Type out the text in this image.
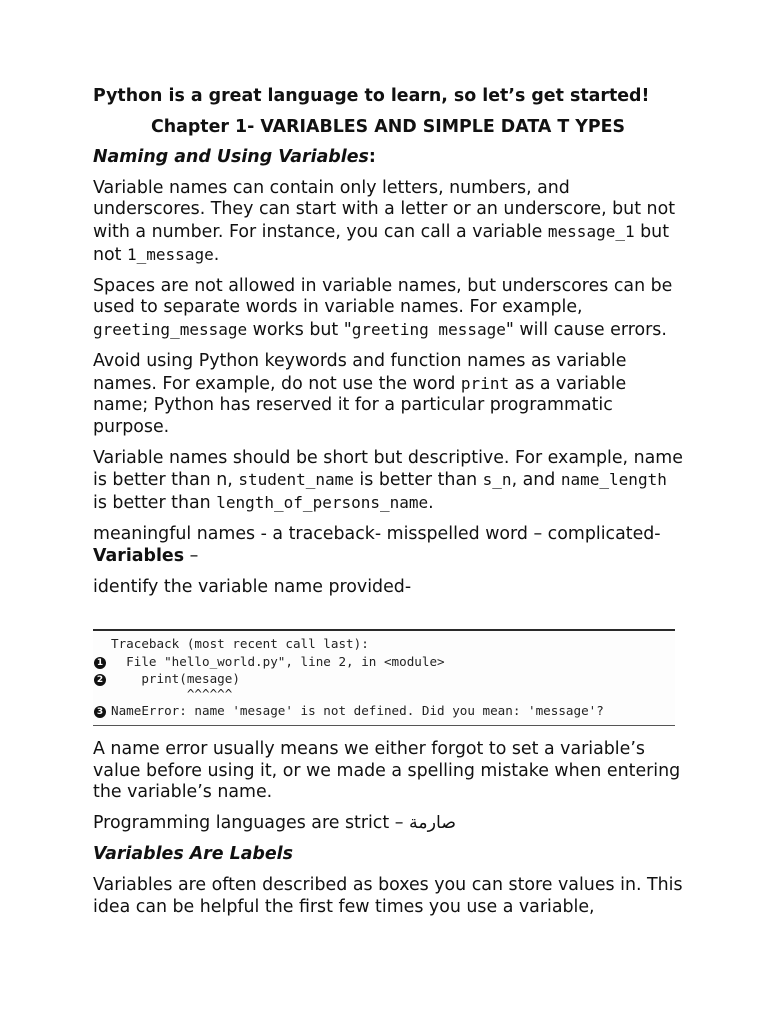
Python is a great language to learn, so let’s get started!

Chapter 1- VARIABLES AND SIMPLE DATA T YPES

Naming and Using Variables:

Variable names can contain only letters, numbers, and underscores. They can start with a letter or an underscore, but not with a number. For instance, you can call a variable message_1 but not 1_message.

Spaces are not allowed in variable names, but underscores can be used to separate words in variable names. For example, greeting_message works but "greeting message" will cause errors.

Avoid using Python keywords and function names as variable names. For example, do not use the word print as a variable name; Python has reserved it for a particular programmatic purpose.

Variable names should be short but descriptive. For example, name is better than n, student_name is better than s_n, and name_length is better than length_of_persons_name.

meaningful names - a traceback- misspelled word – complicated- Variables –

identify the variable name provided-

Traceback (most recent call last):
1 File "hello_world.py", line 2, in <module>
2 print(mesage)
^^^^^^
3 NameError: name 'mesage' is not defined. Did you mean: 'message'?

A name error usually means we either forgot to set a variable’s value before using it, or we made a spelling mistake when entering the variable’s name.

Programming languages are strict – صارمة

Variables Are Labels

Variables are often described as boxes you can store values in. This idea can be helpful the first few times you use a variable,
